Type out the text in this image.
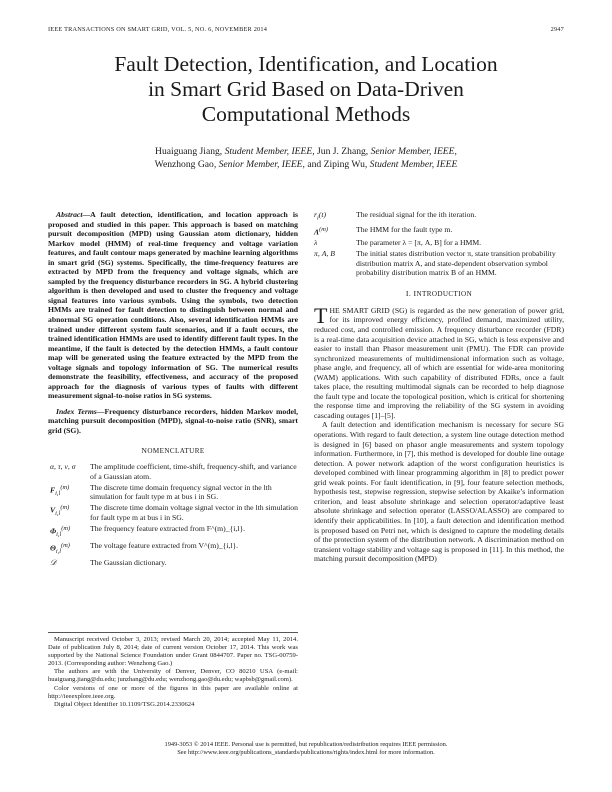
IEEE TRANSACTIONS ON SMART GRID, VOL. 5, NO. 6, NOVEMBER 2014	2947
Fault Detection, Identification, and Location
in Smart Grid Based on Data-Driven
Computational Methods
Huaiguang Jiang, Student Member, IEEE, Jun J. Zhang, Senior Member, IEEE,
Wenzhong Gao, Senior Member, IEEE, and Ziping Wu, Student Member, IEEE

Abstract—A fault detection, identification, and location approach is proposed and studied in this paper. This approach is based on matching pursuit decomposition (MPD) using Gaussian atom dictionary, hidden Markov model (HMM) of real-time frequency and voltage variation features, and fault contour maps generated by machine learning algorithms in smart grid (SG) systems. Specifically, the time-frequency features are extracted by MPD from the frequency and voltage signals, which are sampled by the frequency disturbance recorders in SG. A hybrid clustering algorithm is then developed and used to cluster the frequency and voltage signal features into various symbols. Using the symbols, two detection HMMs are trained for fault detection to distinguish between normal and abnormal SG operation conditions. Also, several identification HMMs are trained under different system fault scenarios, and if a fault occurs, the trained identification HMMs are used to identify different fault types. In the meantime, if the fault is detected by the detection HMMs, a fault contour map will be generated using the feature extracted by the MPD from the voltage signals and topology information of SG. The numerical results demonstrate the feasibility, effectiveness, and accuracy of the proposed approach for the diagnosis of various types of faults with different measurement signal-to-noise ratios in SG systems.

Index Terms—Frequency disturbance recorders, hidden Markov model, matching pursuit decomposition (MPD), signal-to-noise ratio (SNR), smart grid (SG).

NOMENCLATURE
α, τ, ν, σ	The amplitude coefficient, time-shift, frequency-shift, and variance of a Gaussian atom.
$F_{i,l}^{(m)}$	The discrete time domain frequency signal vector in the lth simulation for fault type m at bus i in SG.
$V_{i,l}^{(m)}$	The discrete time domain voltage signal vector in the lth simulation for fault type m at bus i in SG.
$\Phi_{i,l}^{(m)}$	The frequency feature extracted from F^(m)_{i,l}.
$\Theta_{i,l}^{(m)}$	The voltage feature extracted from V^(m)_{i,l}.
𝒟	The Gaussian dictionary.

Manuscript received October 3, 2013; revised March 20, 2014; accepted May 11, 2014. Date of publication July 8, 2014; date of current version October 17, 2014. This work was supported by the National Science Foundation under Grant 0844707. Paper no. TSG-00759-2013. (Corresponding author: Wenzhong Gao.)

The authors are with the University of Denver, Denver, CO 80210 USA (e-mail: huaiguang.jiang@du.edu; junzhang@du.edu; wenzhong.gao@du.edu; wapbsb@gmail.com).

Color versions of one or more of the figures in this paper are available online at http://ieeexplore.ieee.org.

Digital Object Identifier 10.1109/TSG.2014.2330624

$r_i(t)$	The residual signal for the ith iteration.
$\Lambda^{(m)}$	The HMM for the fault type m.
λ	The parameter λ = [π, A, B] for a HMM.
π, A, B	The initial states distribution vector π, state transition probability distribution matrix A, and state-dependent observation symbol probability distribution matrix B of an HMM.
I. INTRODUCTION

THE SMART GRID (SG) is regarded as the new generation of power grid, for its improved energy efficiency, profiled demand, maximized utility, reduced cost, and controlled emission. A frequency disturbance recorder (FDR) is a real-time data acquisition device attached in SG, which is less expensive and easier to install than Phasor measurement unit (PMU). The FDR can provide synchronized measurements of multidimensional information such as voltage, phase angle, and frequency, all of which are essential for wide-area monitoring (WAM) applications. With such capability of distributed FDRs, once a fault takes place, the resulting multimodal signals can be recorded to help diagnose the fault type and locate the topological position, which is critical for shortening the response time and improving the reliability of the SG system in avoiding cascading outages [1]–[5].

A fault detection and identification mechanism is necessary for secure SG operations. With regard to fault detection, a system line outage detection method is designed in [6] based on phasor angle measurements and system topology information. Furthermore, in [7], this method is developed for double line outage detection. A power network adaption of the worst configuration heuristics is developed combined with linear programming algorithm in [8] to predict power grid weak points. For fault identification, in [9], four feature selection methods, hypothesis test, stepwise regression, stepwise selection by Akaike’s information criterion, and least absolute shrinkage and selection operator/adaptive least absolute shrinkage and selection operator (LASSO/ALASSO) are compared to identify their applicabilities. In [10], a fault detection and identification method is proposed based on Petri net, which is designed to capture the modeling details of the protection system of the distribution network. A discrimination method on transient voltage stability and voltage sag is proposed in [11]. In this method, the matching pursuit decomposition (MPD)

1949-3053 © 2014 IEEE. Personal use is permitted, but republication/redistribution requires IEEE permission.
See http://www.ieee.org/publications_standards/publications/rights/index.html for more information.
